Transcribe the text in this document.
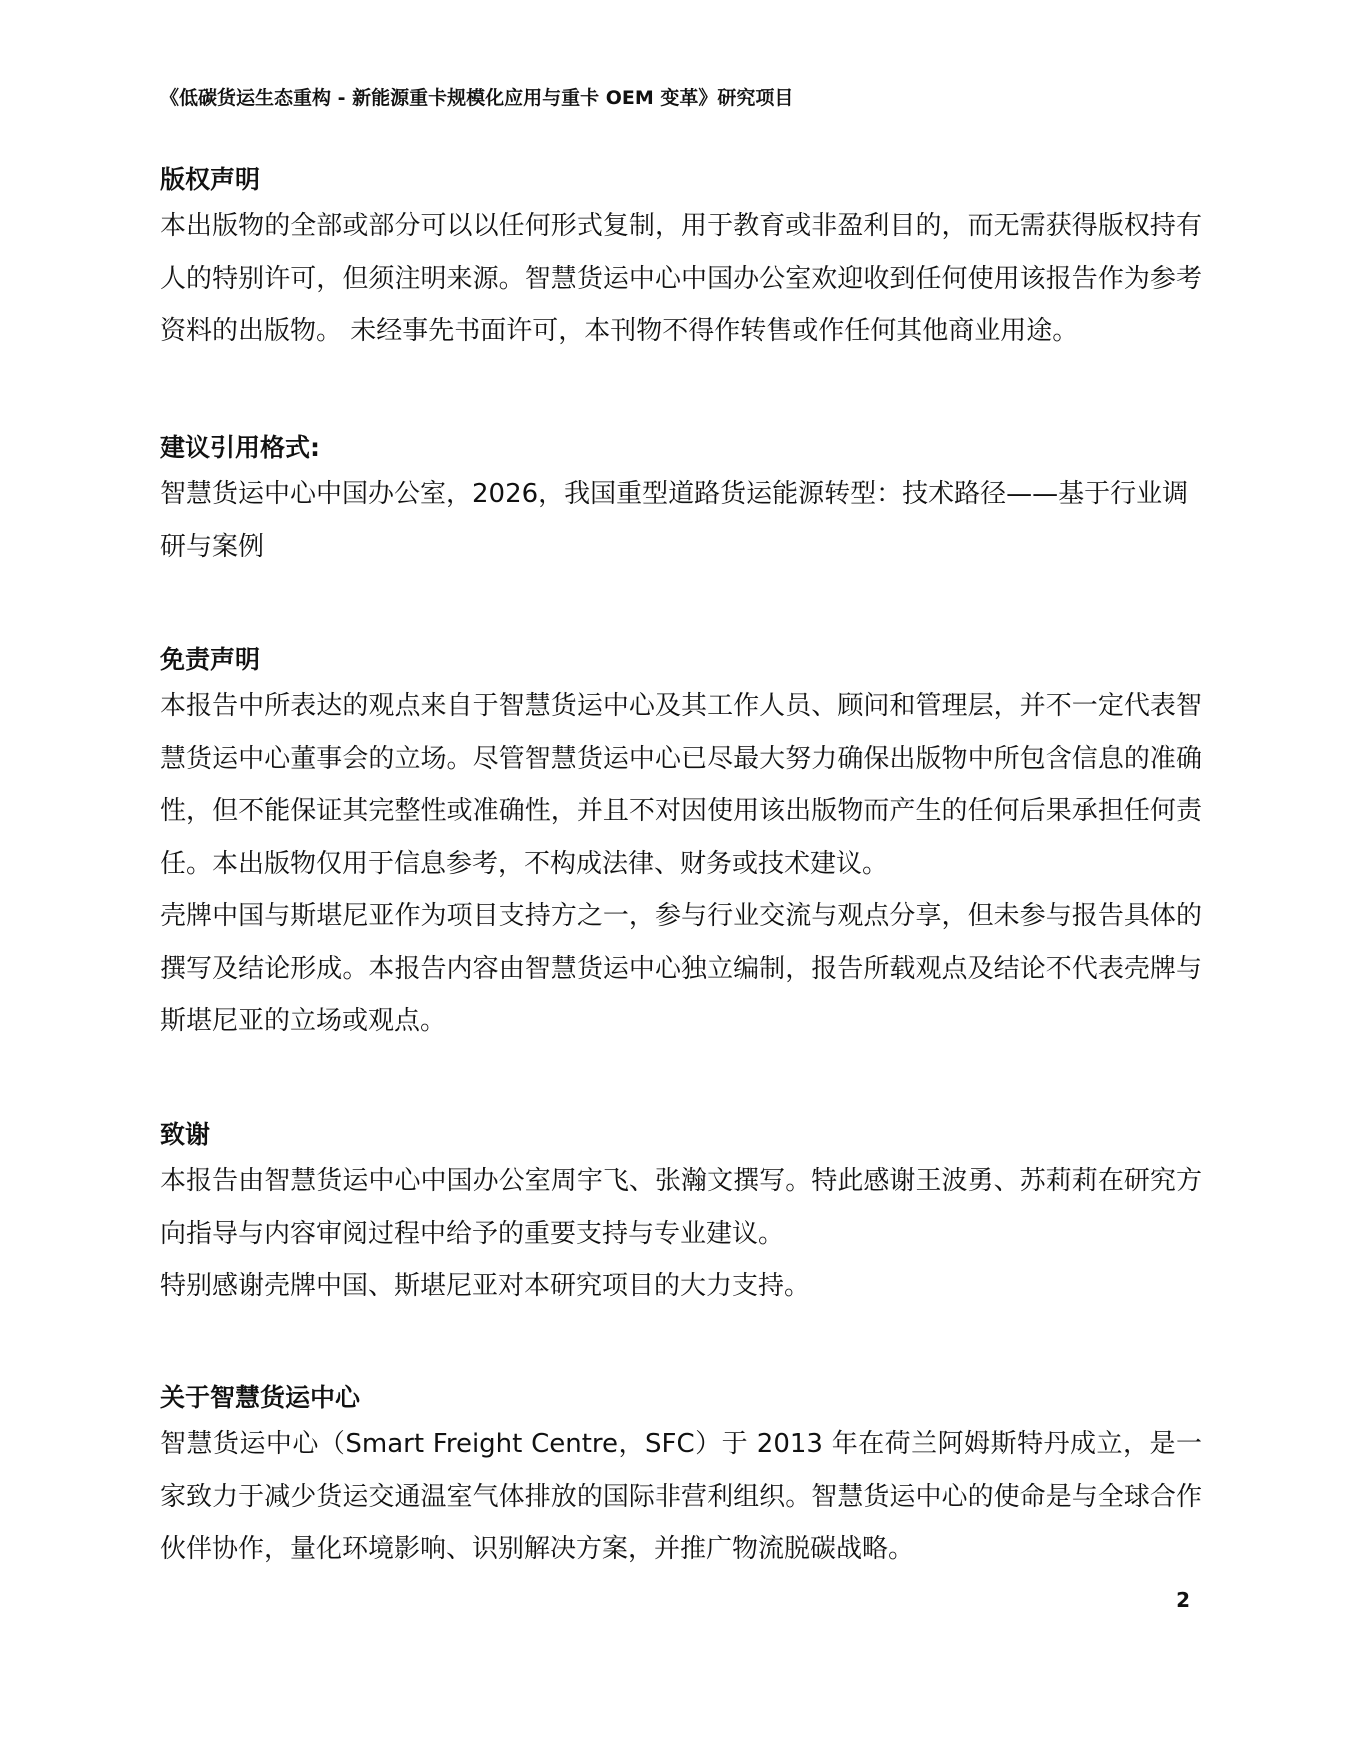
《低碳货运生态重构 - 新能源重卡规模化应用与重卡 OEM 变革》研究项目
版权声明

本出版物的全部或部分可以以任何形式复制，用于教育或非盈利目的，而无需获得版权持有人的特别许可，但须注明来源。智慧货运中心中国办公室欢迎收到任何使用该报告作为参考资料的出版物。 未经事先书面许可，本刊物不得作转售或作任何其他商业用途。

建议引用格式:

智慧货运中心中国办公室，2026，我国重型道路货运能源转型：技术路径——基于行业调研与案例

免责声明

本报告中所表达的观点来自于智慧货运中心及其工作人员、顾问和管理层，并不一定代表智慧货运中心董事会的立场。尽管智慧货运中心已尽最大努力确保出版物中所包含信息的准确性，但不能保证其完整性或准确性，并且不对因使用该出版物而产生的任何后果承担任何责任。本出版物仅用于信息参考，不构成法律、财务或技术建议。

壳牌中国与斯堪尼亚作为项目支持方之一，参与行业交流与观点分享，但未参与报告具体的撰写及结论形成。本报告内容由智慧货运中心独立编制，报告所载观点及结论不代表壳牌与斯堪尼亚的立场或观点。

致谢

本报告由智慧货运中心中国办公室周宇飞、张瀚文撰写。特此感谢王波勇、苏莉莉在研究方向指导与内容审阅过程中给予的重要支持与专业建议。

特别感谢壳牌中国、斯堪尼亚对本研究项目的大力支持。

关于智慧货运中心

智慧货运中心（Smart Freight Centre，SFC）于 2013 年在荷兰阿姆斯特丹成立，是一家致力于减少货运交通温室气体排放的国际非营利组织。智慧货运中心的使命是与全球合作伙伴协作，量化环境影响、识别解决方案，并推广物流脱碳战略。

2
